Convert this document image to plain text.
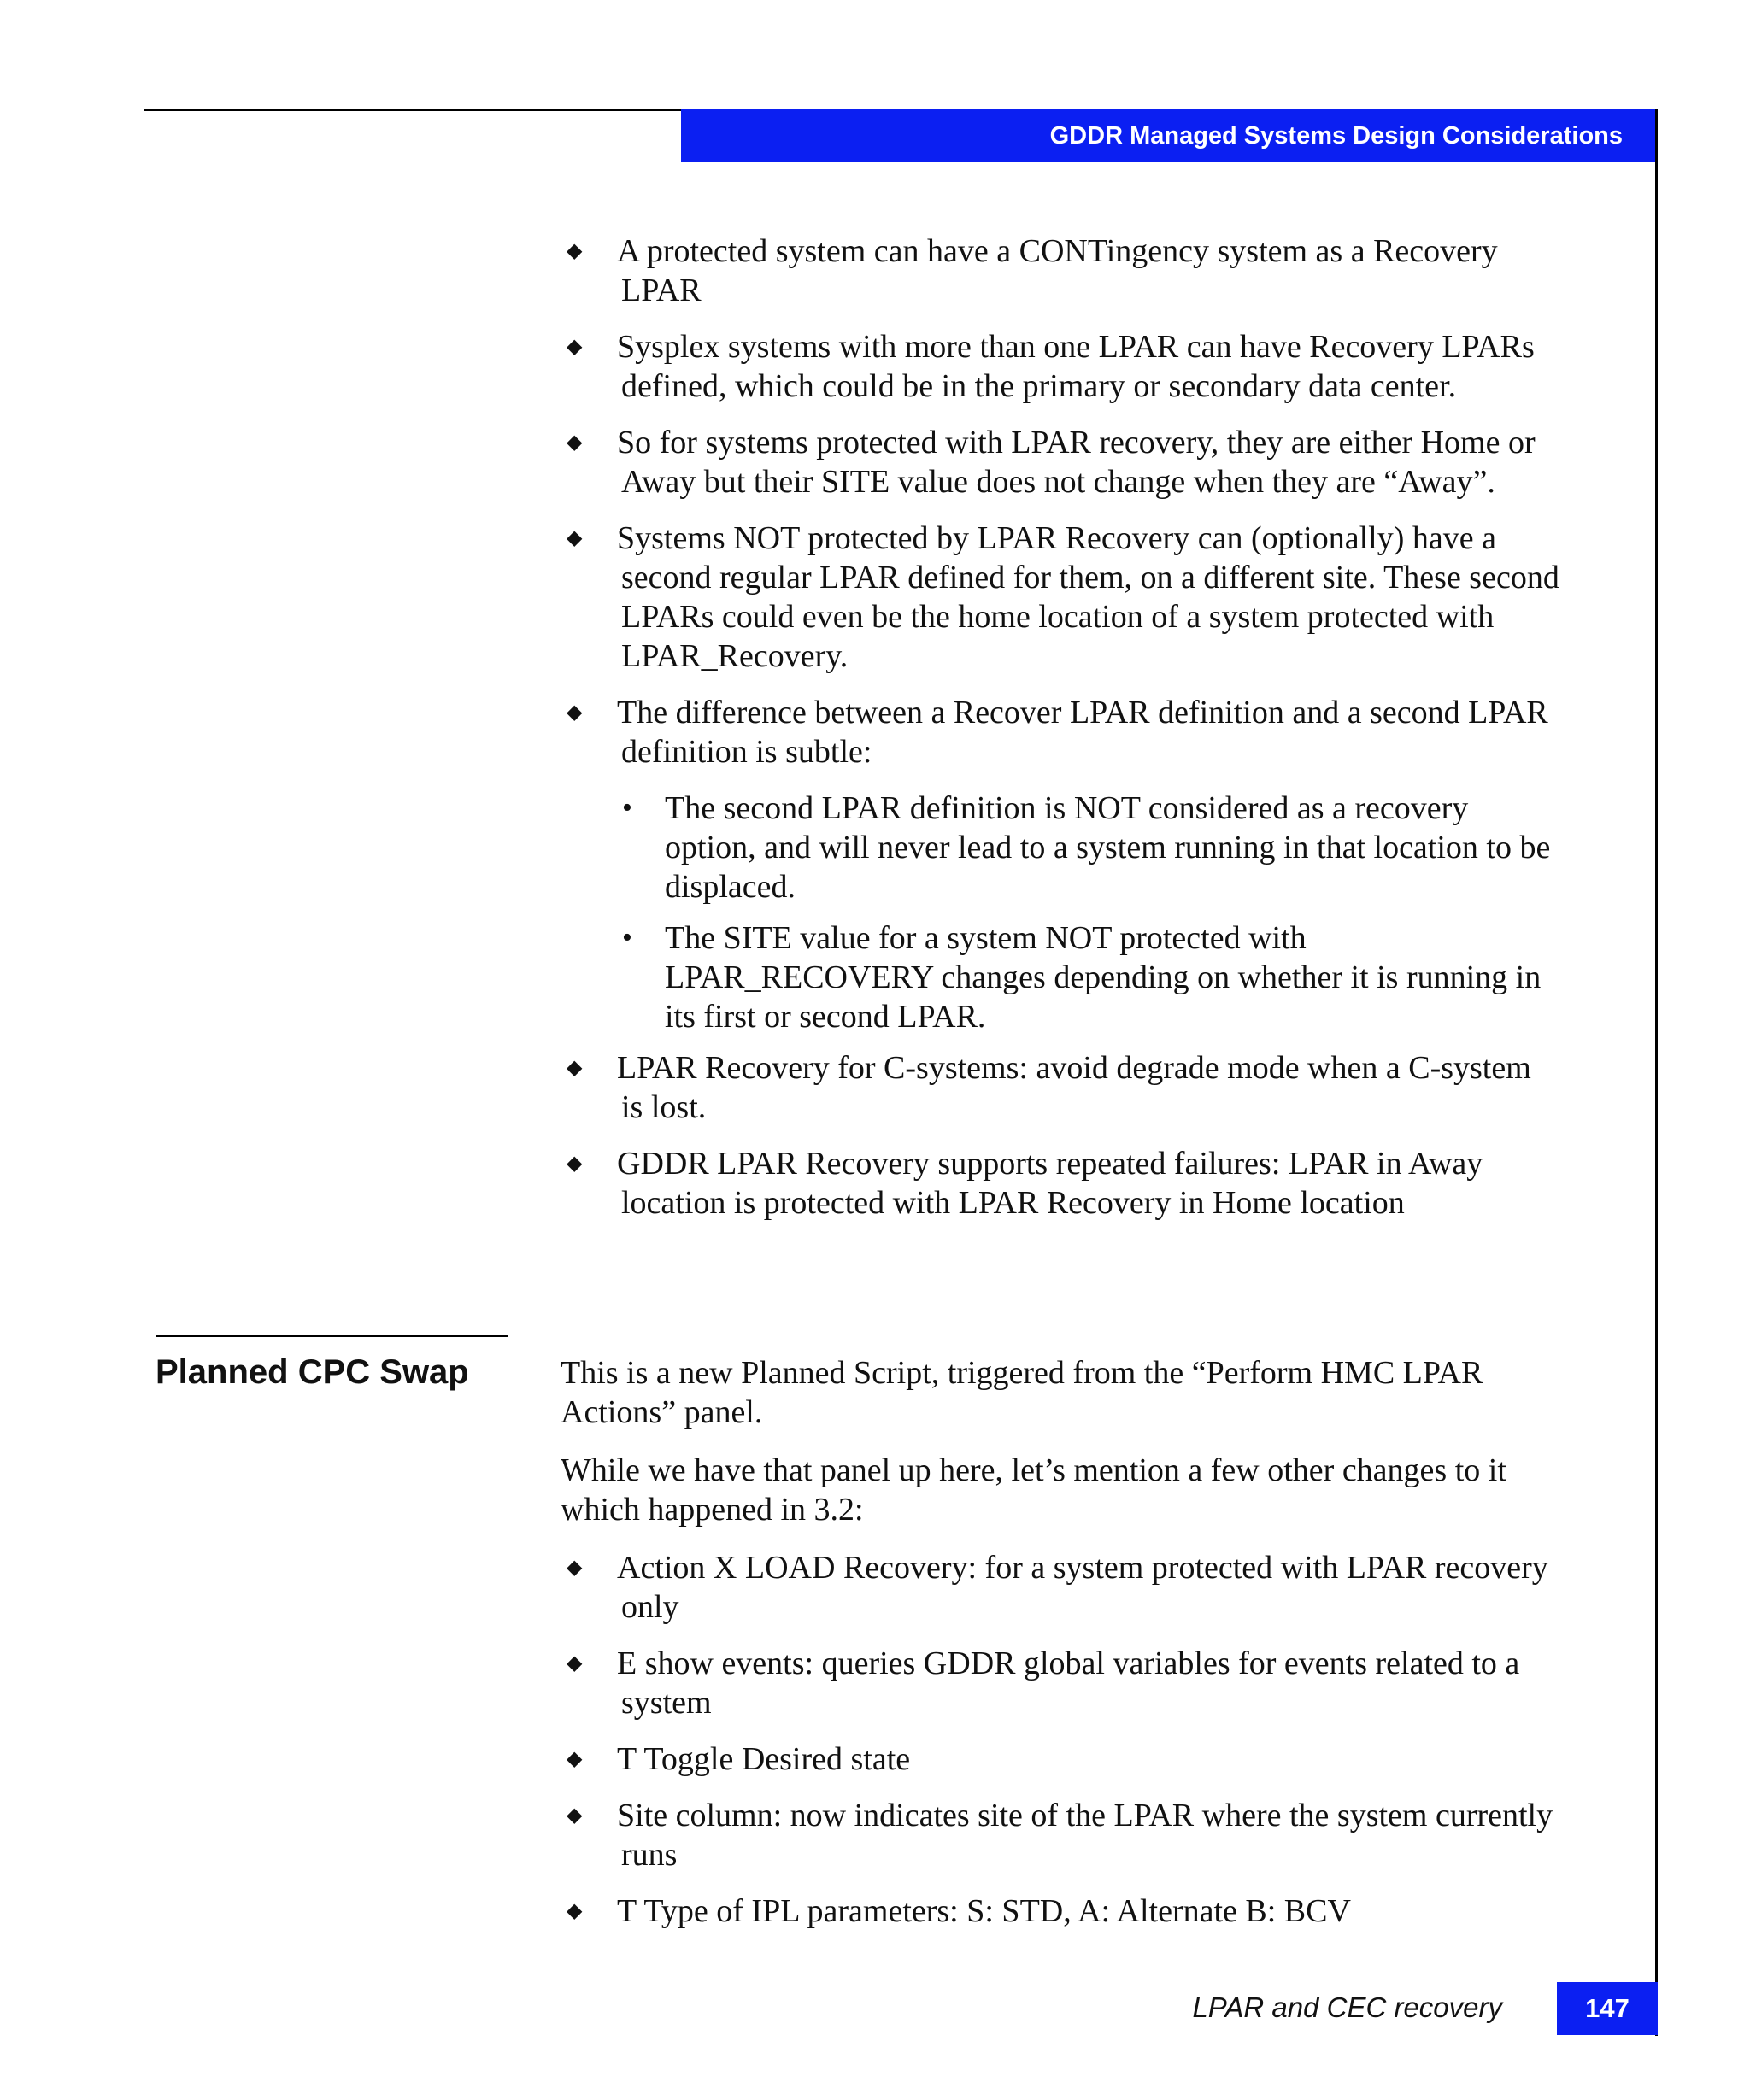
GDDR Managed Systems Design Considerations
◆ A protected system can have a CONTingency system as a Recovery LPAR
◆ Sysplex systems with more than one LPAR can have Recovery LPARs defined, which could be in the primary or secondary data center.
◆ So for systems protected with LPAR recovery, they are either Home or Away but their SITE value does not change when they are “Away”.
◆ Systems NOT protected by LPAR Recovery can (optionally) have a second regular LPAR defined for them, on a different site. These second LPARs could even be the home location of a system protected with LPAR_Recovery.
◆ The difference between a Recover LPAR definition and a second LPAR definition is subtle:
• The second LPAR definition is NOT considered as a recovery option, and will never lead to a system running in that location to be displaced.
• The SITE value for a system NOT protected with LPAR_RECOVERY changes depending on whether it is running in its first or second LPAR.
◆ LPAR Recovery for C-systems: avoid degrade mode when a C-system is lost.
◆ GDDR LPAR Recovery supports repeated failures: LPAR in Away location is protected with LPAR Recovery in Home location
Planned CPC Swap	This is a new Planned Script, triggered from the “Perform HMC LPAR Actions” panel.
While we have that panel up here, let’s mention a few other changes to it which happened in 3.2:
◆ Action X LOAD Recovery: for a system protected with LPAR recovery only
◆ E show events: queries GDDR global variables for events related to a system
◆ T Toggle Desired state
◆ Site column: now indicates site of the LPAR where the system currently runs
◆ T Type of IPL parameters: S: STD, A: Alternate B: BCV
LPAR and CEC recovery	147
